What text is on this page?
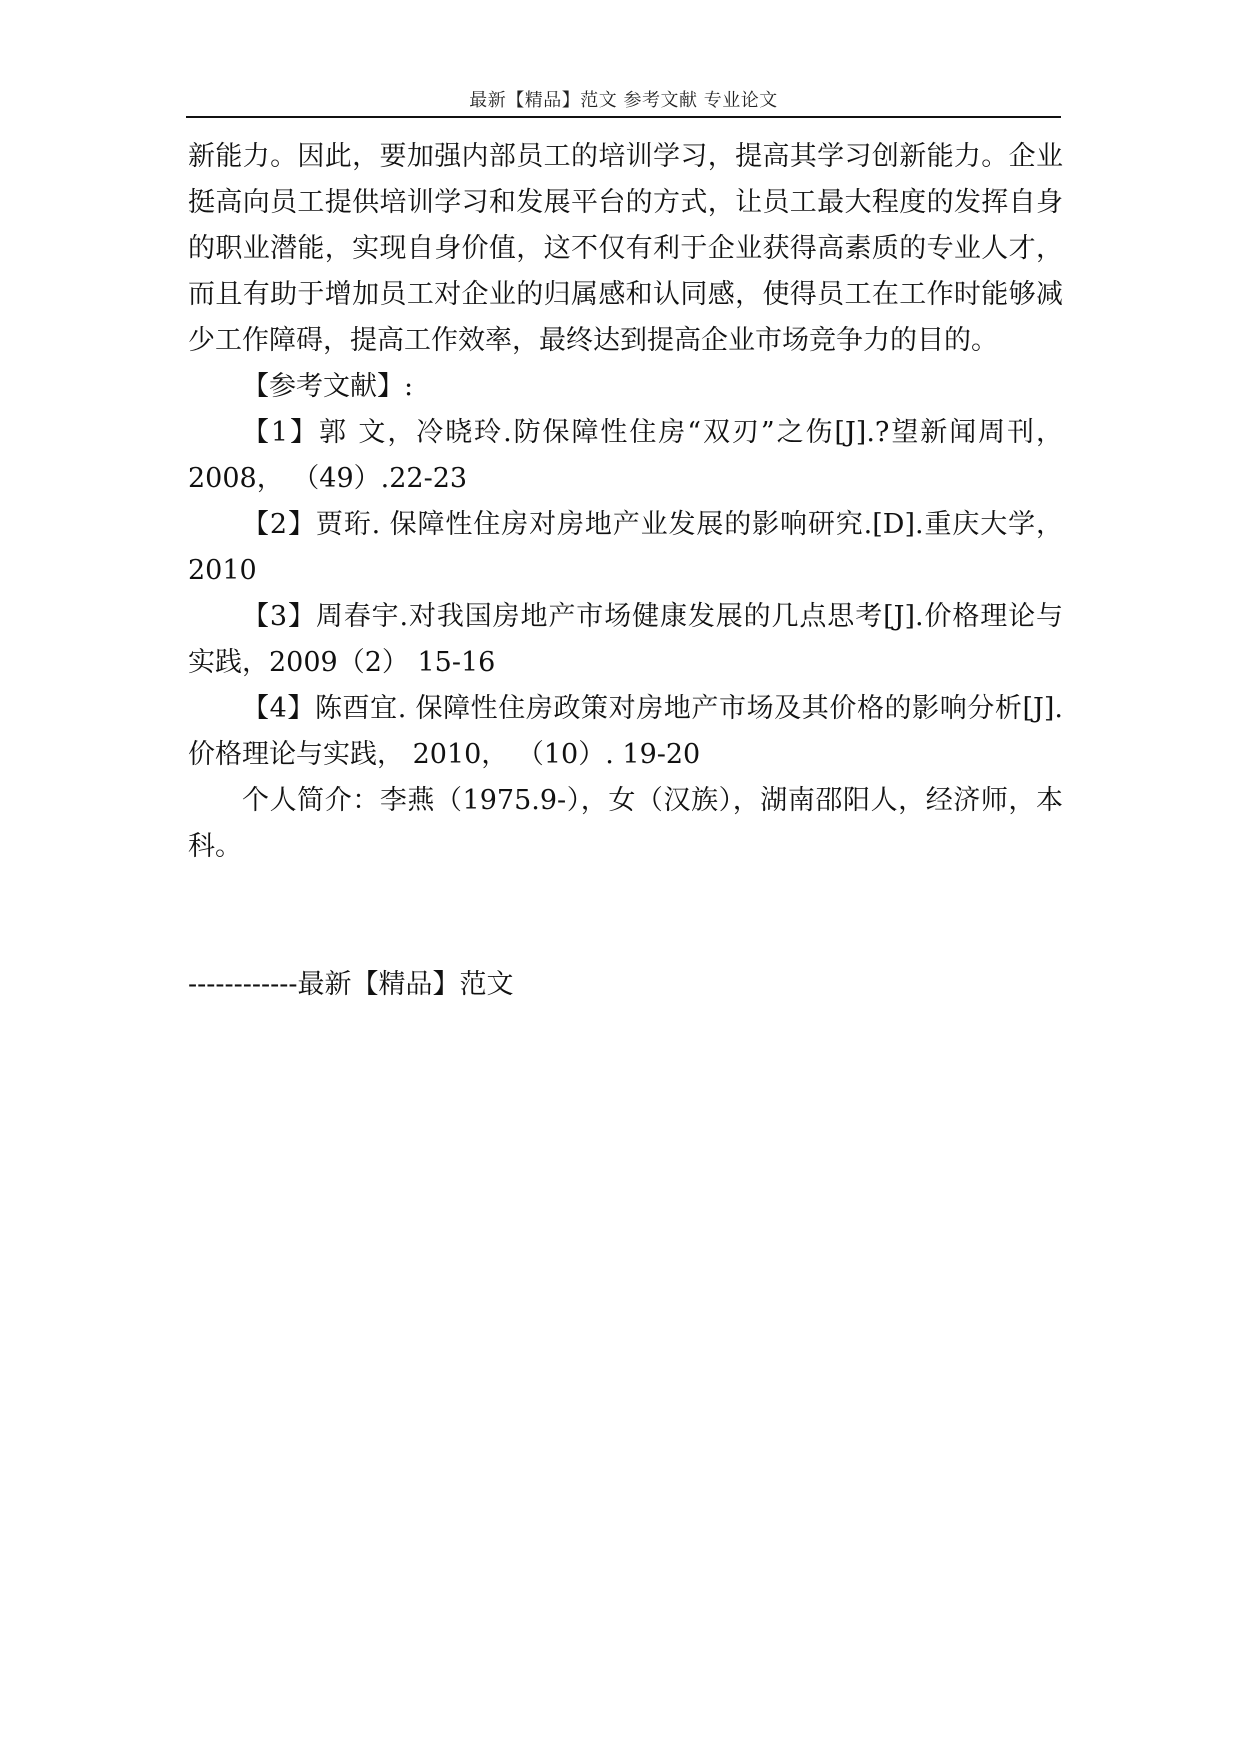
最新【精品】范文 参考文献 专业论文

新能力。因此，要加强内部员工的培训学习，提高其学习创新能力。企业挺高向员工提供培训学习和发展平台的方式，让员工最大程度的发挥自身的职业潜能，实现自身价值，这不仅有利于企业获得高素质的专业人才，而且有助于增加员工对企业的归属感和认同感，使得员工在工作时能够减少工作障碍，提高工作效率，最终达到提高企业市场竞争力的目的。

【参考文献】:

【1】郭 文，冷晓玲.防保障性住房“双刃”之伤[J].?望新闻周刊， 2008， （49）.22-23

【2】贾珩. 保障性住房对房地产业发展的影响研究.[D].重庆大学，2010

【3】周春宇.对我国房地产市场健康发展的几点思考[J].价格理论与实践，2009（2） 15-16

【4】陈酉宜. 保障性住房政策对房地产市场及其价格的影响分析[J].价格理论与实践， 2010， （10）. 19-20

个人简介：李燕（1975.9-），女（汉族），湖南邵阳人，经济师，本科。

------------最新【精品】范文
